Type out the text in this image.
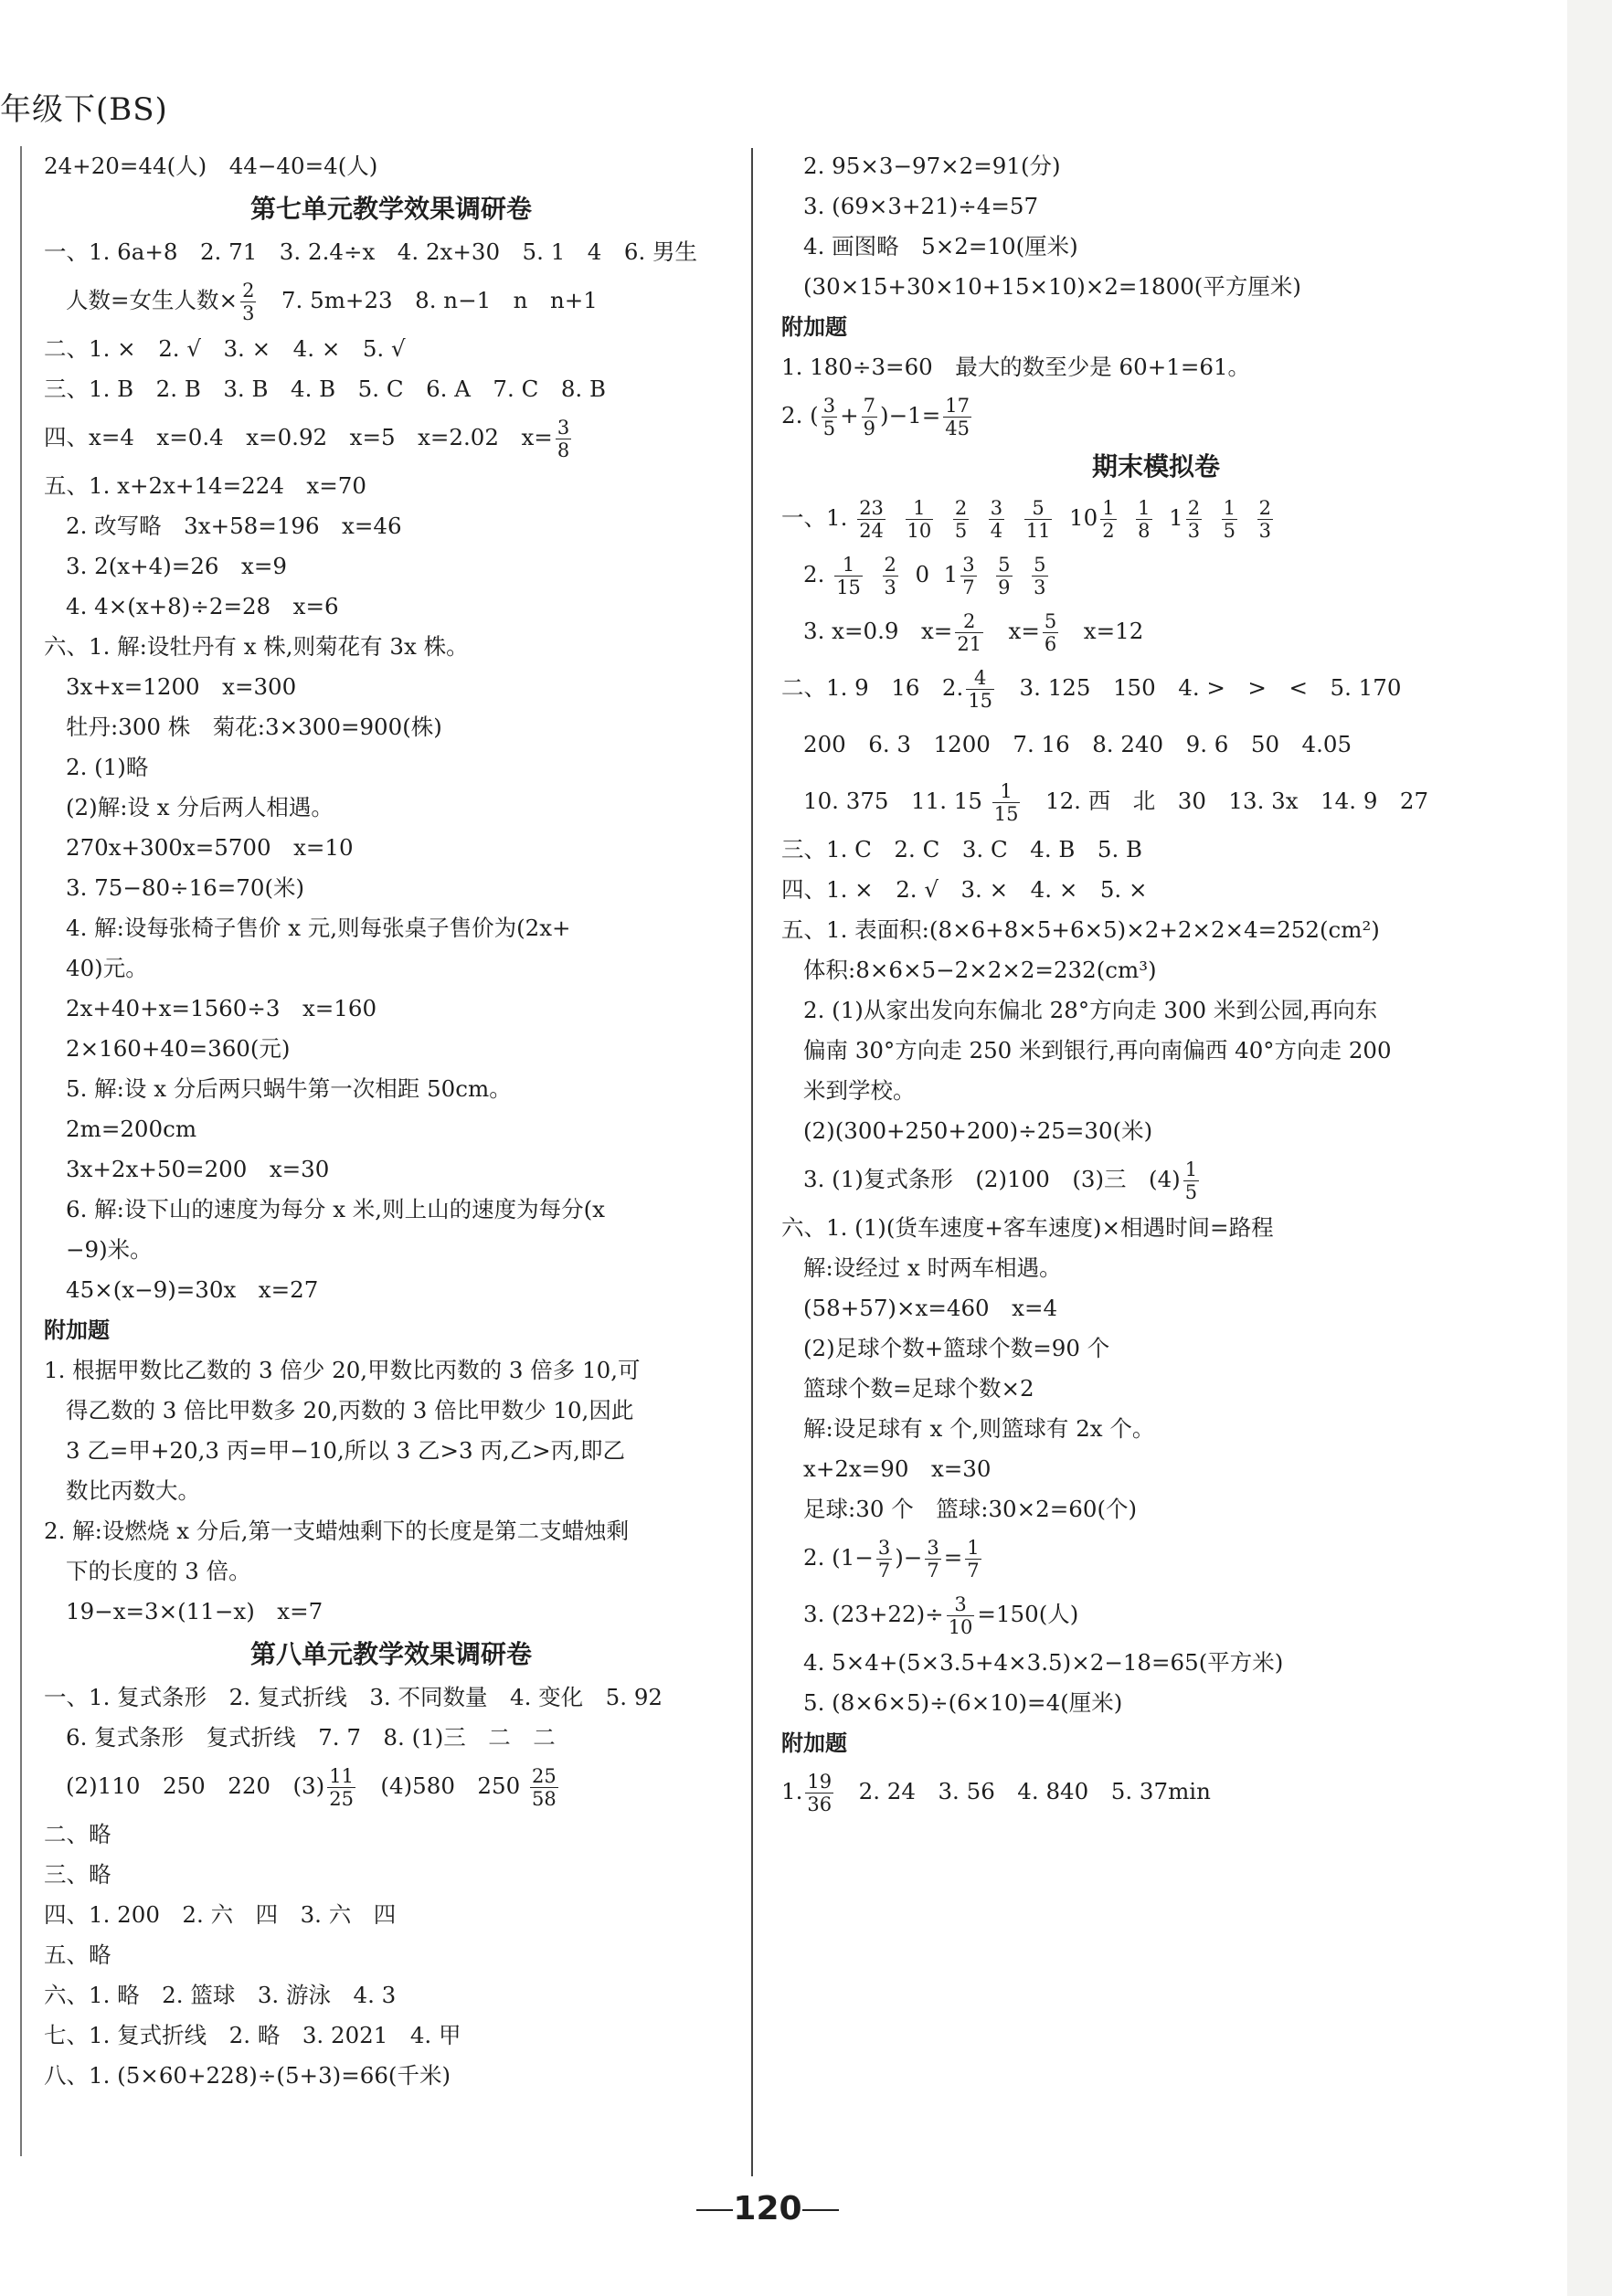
年级下(BS)
24+20=44(人)　44−40=4(人)
第七单元教学效果调研卷
一、1. 6a+8　2. 71　3. 2.4÷x　4. 2x+30　5. 1　4　6. 男生
人数=女生人数× $\frac{2}{3}$ 　7. 5m+23　8. n−1　n　n+1
二、1. ×　2. √　3. ×　4. ×　5. √
三、1. B　2. B　3. B　4. B　5. C　6. A　7. C　8. B
四、x=4　x=0.4　x=0.92　x=5　x=2.02　$x= \frac{3}{8}$
五、1. x+2x+14=224　x=70
2. 改写略　3x+58=196　x=46
3. 2(x+4)=26　x=9
4. 4×(x+8)÷2=28　x=6
六、1. 解:设牡丹有 x 株,则菊花有 3x 株。
3x+x=1200　x=300
牡丹:300 株　菊花:3×300=900(株)
2. (1)略
(2)解:设 x 分后两人相遇。
270x+300x=5700　x=10
3. 75−80÷16=70(米)
4. 解:设每张椅子售价 x 元,则每张桌子售价为(2x+
40)元。
2x+40+x=1560÷3　x=160
2×160+40=360(元)
5. 解:设 x 分后两只蜗牛第一次相距 50cm。
2m=200cm
3x+2x+50=200　x=30
6. 解:设下山的速度为每分 x 米,则上山的速度为每分(x
−9)米。
45×(x−9)=30x　x=27
附加题
1. 根据甲数比乙数的 3 倍少 20,甲数比丙数的 3 倍多 10,可
得乙数的 3 倍比甲数多 20,丙数的 3 倍比甲数少 10,因此
3 乙=甲+20,3 丙=甲−10,所以 3 乙>3 丙,乙>丙,即乙
数比丙数大。
2. 解:设燃烧 x 分后,第一支蜡烛剩下的长度是第二支蜡烛剩
下的长度的 3 倍。
19−x=3×(11−x)　x=7
第八单元教学效果调研卷
一、1. 复式条形　2. 复式折线　3. 不同数量　4. 变化　5. 92
6. 复式条形　复式折线　7. 7　8. (1)三　二　二
(2)110　250　220　$(3) \frac{11}{25}$ 　(4)580　$250 \frac{25}{58}$
二、略
三、略
四、1. 200　2. 六　四　3. 六　四
五、略
六、1. 略　2. 篮球　3. 游泳　4. 3
七、1. 复式折线　2. 略　3. 2021　4. 甲
八、1. (5×60+228)÷(5+3)=66(千米)
2. 95×3−97×2=91(分)
3. (69×3+21)÷4=57
4. 画图略　5×2=10(厘米)
(30×15+30×10+15×10)×2=1800(平方厘米)
附加题
1. 180÷3=60　最大的数至少是 60+1=61。
2. ( $\frac{3}{5} + \frac{7}{9} )-1= \frac{17}{45}$
期末模拟卷
一、1. $\frac{23}{24}$
$\frac{1}{10}$
$\frac{2}{5}$
$\frac{3}{4}$
$\frac{5}{11} 10 \frac{1}{2}$
$\frac{1}{8} 1 \frac{2}{3}$
$\frac{1}{5}$
$\frac{2}{3}$
2. $\frac{1}{15}$
$\frac{2}{3} 0$ $1 \frac{3}{7}$
$\frac{5}{9}$
$\frac{5}{3}$
3. x=0.9　$x= \frac{2}{21}$ 　$x= \frac{5}{6}$ 　x=12
二、1. 9　16　2. $\frac{4}{15}$ 　3. 125　150　4. >　>　<　5. 170
200　6. 3　1200　7. 16　8. 240　9. 6　50　4.05
10. 375　11. $15 \frac{1}{15}$ 　12. 西　北　30　13. 3x　14. 9　27
三、1. C　2. C　3. C　4. B　5. B
四、1. ×　2. √　3. ×　4. ×　5. ×
五、1. 表面积:(8×6+8×5+6×5)×2+2×2×4=252(cm²)
体积:8×6×5−2×2×2=232(cm³)
2. (1)从家出发向东偏北 28°方向走 300 米到公园,再向东
偏南 30°方向走 250 米到银行,再向南偏西 40°方向走 200
米到学校。
(2)(300+250+200)÷25=30(米)
3. (1)复式条形　(2)100　(3)三　$(4) \frac{1}{5}$
六、1. (1)(货车速度+客车速度)×相遇时间=路程
解:设经过 x 时两车相遇。
(58+57)×x=460　x=4
(2)足球个数+篮球个数=90 个
篮球个数=足球个数×2
解:设足球有 x 个,则篮球有 2x 个。
x+2x=90　x=30
足球:30 个　篮球:30×2=60(个)
2. ($1- \frac{3}{7}$ )− $\frac{3}{7} = \frac{1}{7}$
3. $(23+22)\div \frac{3}{10} =150$(人)
4. 5×4+(5×3.5+4×3.5)×2−18=65(平方米)
5. (8×6×5)÷(6×10)=4(厘米)
附加题
1. $\frac{19}{36}$ 　2. 24　3. 56　4. 840　5. 37min
120
